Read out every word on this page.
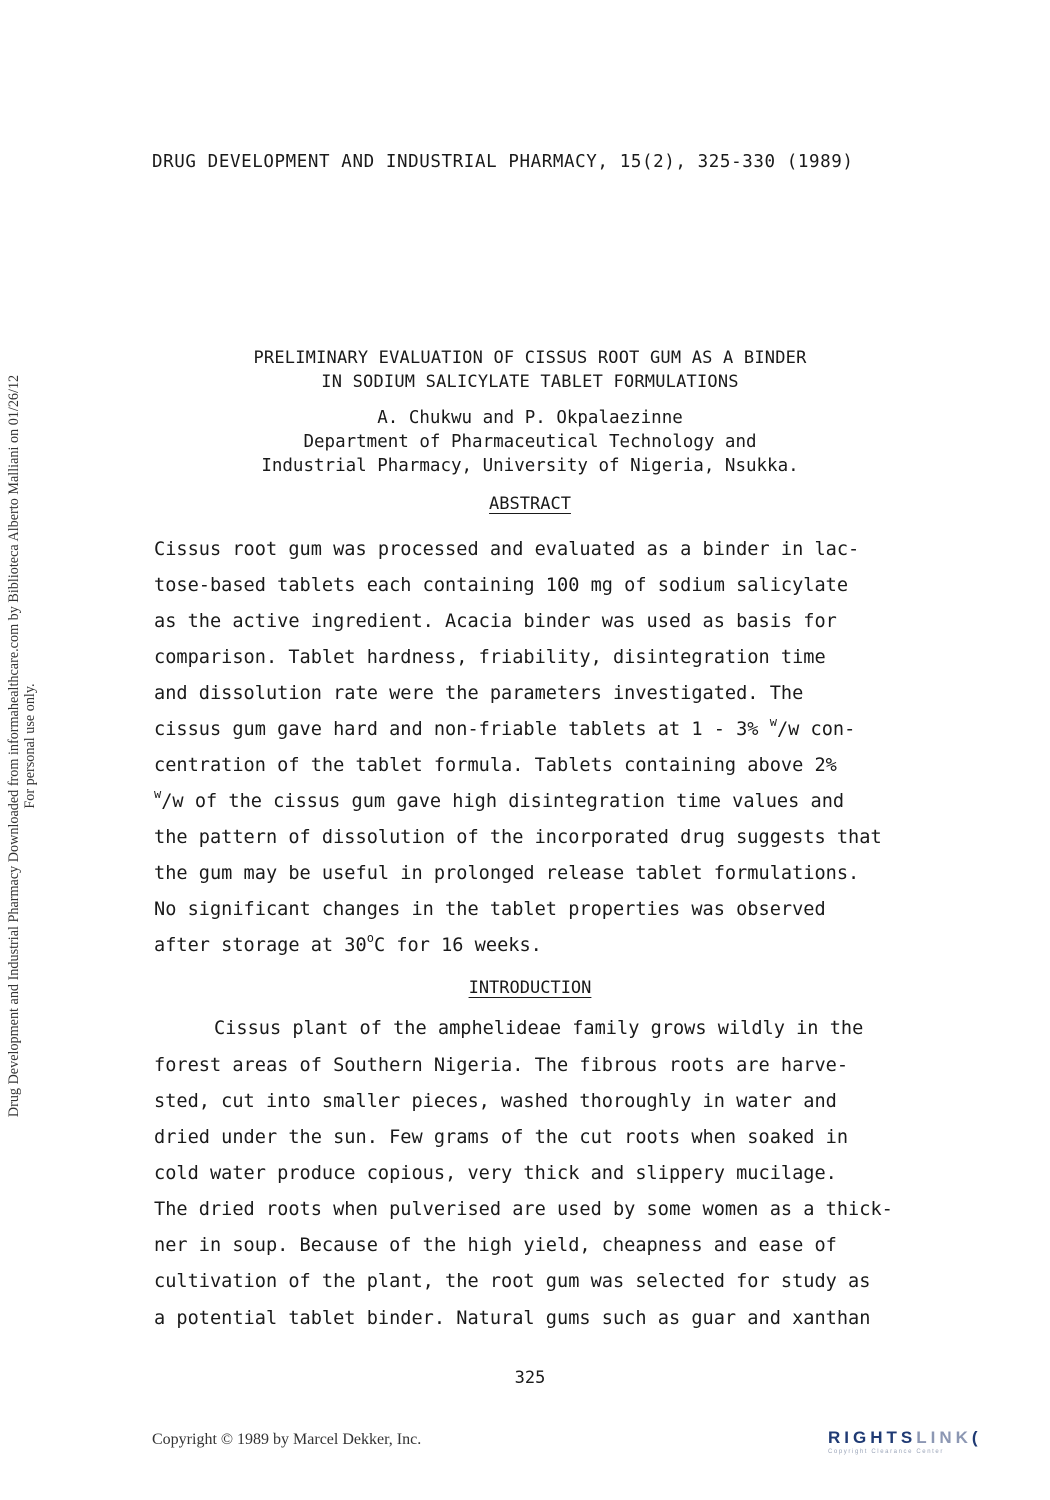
DRUG DEVELOPMENT AND INDUSTRIAL PHARMACY, 15(2), 325-330 (1989)
Drug Development and Industrial Pharmacy Downloaded from informahealthcare.com by Biblioteca Alberto Malliani on 01/26/12 For personal use only.
PRELIMINARY EVALUATION OF CISSUS ROOT GUM AS A BINDER
IN SODIUM SALICYLATE TABLET FORMULATIONS
A. Chukwu and P. Okpalaezinne
Department of Pharmaceutical Technology and
Industrial Pharmacy, University of Nigeria, Nsukka.
ABSTRACT
Cissus root gum was processed and evaluated as a binder in lac-
tose-based tablets each containing 100 mg of sodium salicylate
as the active ingredient. Acacia binder was used as basis for
comparison. Tablet hardness, friability, disintegration time
and dissolution rate were the parameters investigated. The
cissus gum gave hard and non-friable tablets at 1 - 3% $^w$/w con-
centration of the tablet formula. Tablets containing above 2%
$^w$/w of the cissus gum gave high disintegration time values and
the pattern of dissolution of the incorporated drug suggests that
the gum may be useful in prolonged release tablet formulations.
No significant changes in the tablet properties was observed
after storage at 30$^o$C for 16 weeks.
INTRODUCTION
Cissus plant of the amphelideae family grows wildly in the
forest areas of Southern Nigeria. The fibrous roots are harve-
sted, cut into smaller pieces, washed thoroughly in water and
dried under the sun. Few grams of the cut roots when soaked in
cold water produce copious, very thick and slippery mucilage.
The dried roots when pulverised are used by some women as a thick-
ner in soup. Because of the high yield, cheapness and ease of
cultivation of the plant, the root gum was selected for study as
a potential tablet binder. Natural gums such as guar and xanthan
325
Copyright © 1989 by Marcel Dekker, Inc.	RIGHTSLINK(
Copyright Clearance Center
